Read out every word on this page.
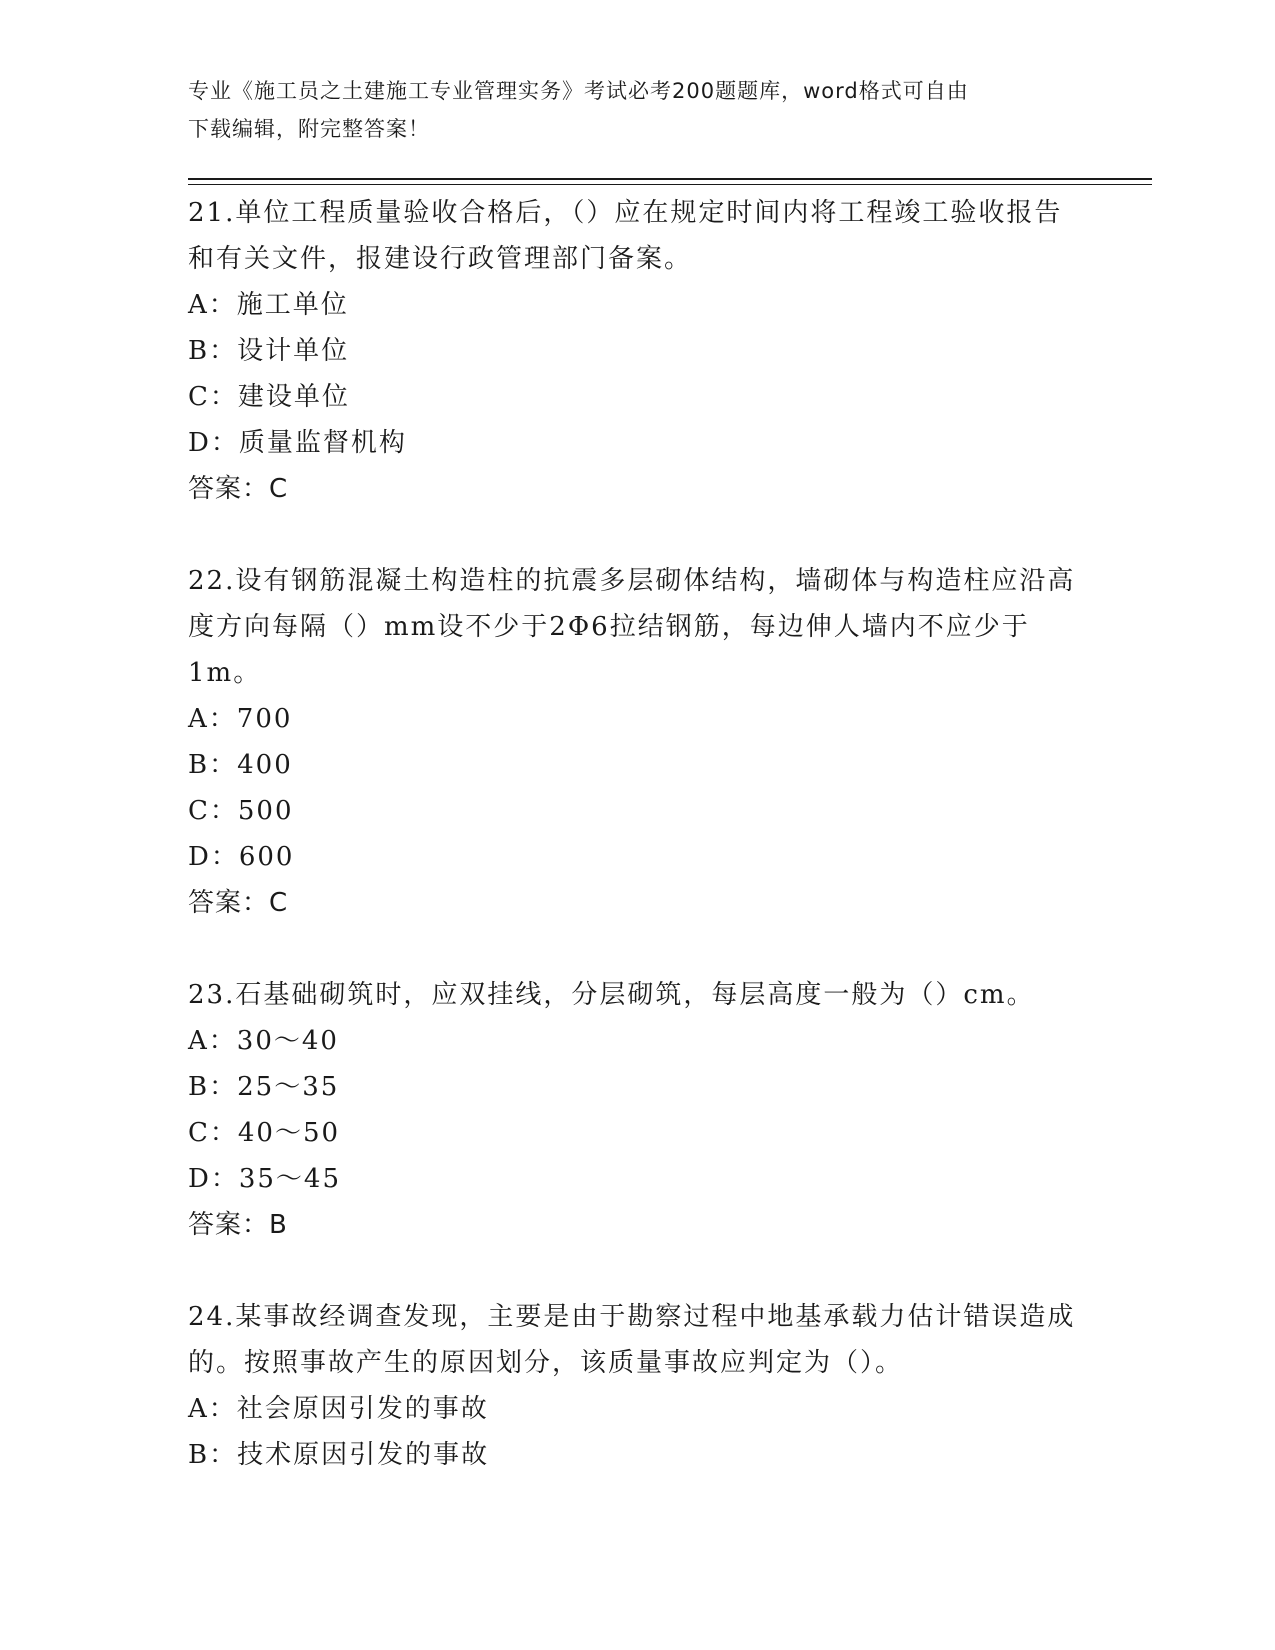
专业《施工员之土建施工专业管理实务》考试必考200题题库，word格式可自由
下载编辑，附完整答案！
21.单位工程质量验收合格后，（）应在规定时间内将工程竣工验收报告和有关文件，报建设行政管理部门备案。
A：施工单位
B：设计单位
C：建设单位
D：质量监督机构
答案：C
22.设有钢筋混凝土构造柱的抗震多层砌体结构，墙砌体与构造柱应沿高度方向每隔（）mm设不少于2Φ6拉结钢筋，每边伸人墙内不应少于1m。
A：700
B：400
C：500
D：600
答案：C
23.石基础砌筑时，应双挂线，分层砌筑，每层高度一般为（）cm。
A：30～40
B：25～35
C：40～50
D：35～45
答案：B
24.某事故经调查发现，主要是由于勘察过程中地基承载力估计错误造成的。按照事故产生的原因划分，该质量事故应判定为（）。
A：社会原因引发的事故
B：技术原因引发的事故
